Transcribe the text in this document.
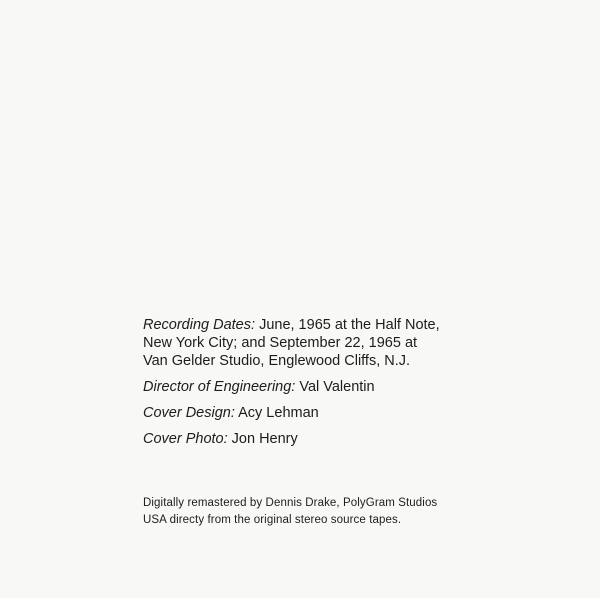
Recording Dates: June, 1965 at the Half Note,
New York City; and September 22, 1965 at
Van Gelder Studio, Englewood Cliffs, N.J.

Director of Engineering: Val Valentin

Cover Design: Acy Lehman

Cover Photo: Jon Henry

Digitally remastered by Dennis Drake, PolyGram Studios

USA directy from the original stereo source tapes.
